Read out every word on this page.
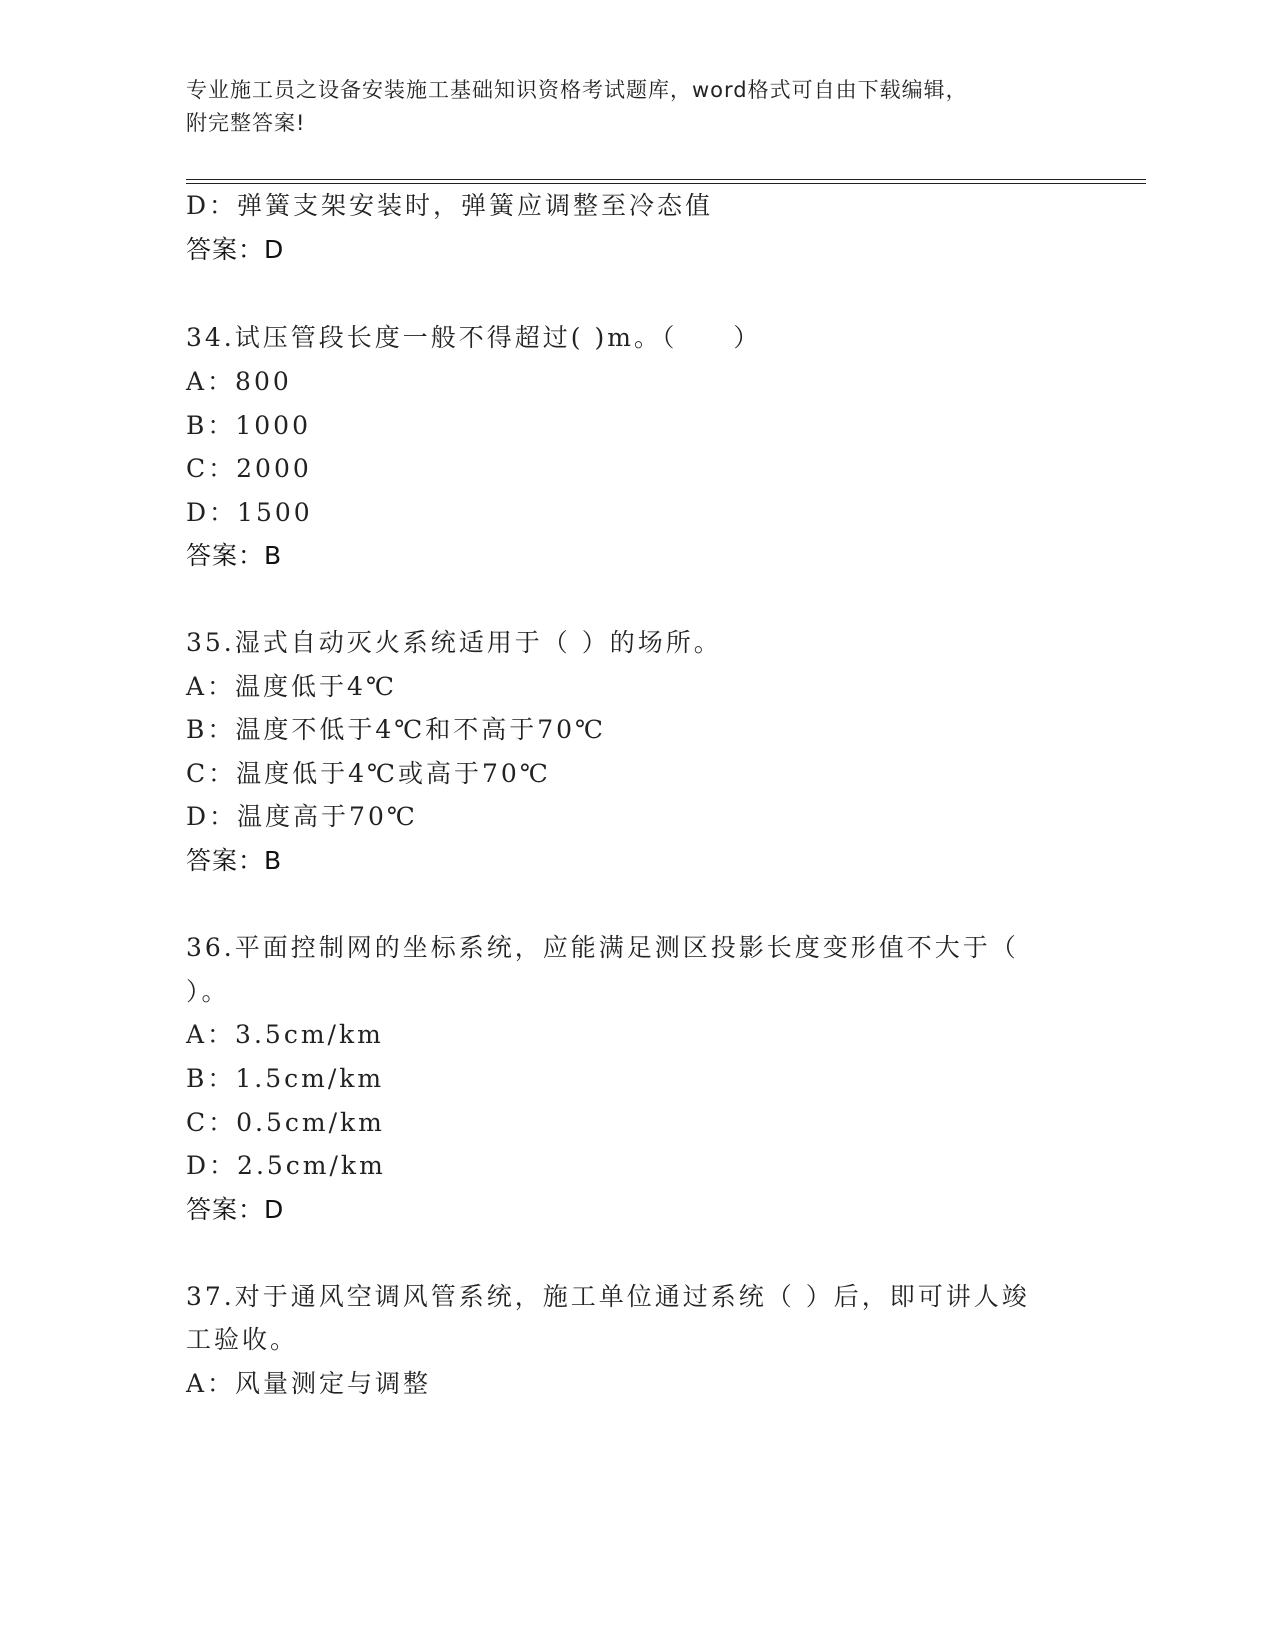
专业施工员之设备安装施工基础知识资格考试题库，word格式可自由下载编辑，
附完整答案!
D：弹簧支架安装时，弹簧应调整至冷态值
答案：D
34.试压管段长度一般不得超过( )m。（　　）
A：800
B：1000
C：2000
D：1500
答案：B
35.湿式自动灭火系统适用于（ ）的场所。
A：温度低于4℃
B：温度不低于4℃和不高于70℃
C：温度低于4℃或高于70℃
D：温度高于70℃
答案：B
36.平面控制网的坐标系统，应能满足测区投影长度变形值不大于（
）。
A：3.5cm/km
B：1.5cm/km
C：0.5cm/km
D：2.5cm/km
答案：D
37.对于通风空调风管系统，施工单位通过系统（ ）后，即可讲人竣
工验收。
A：风量测定与调整
